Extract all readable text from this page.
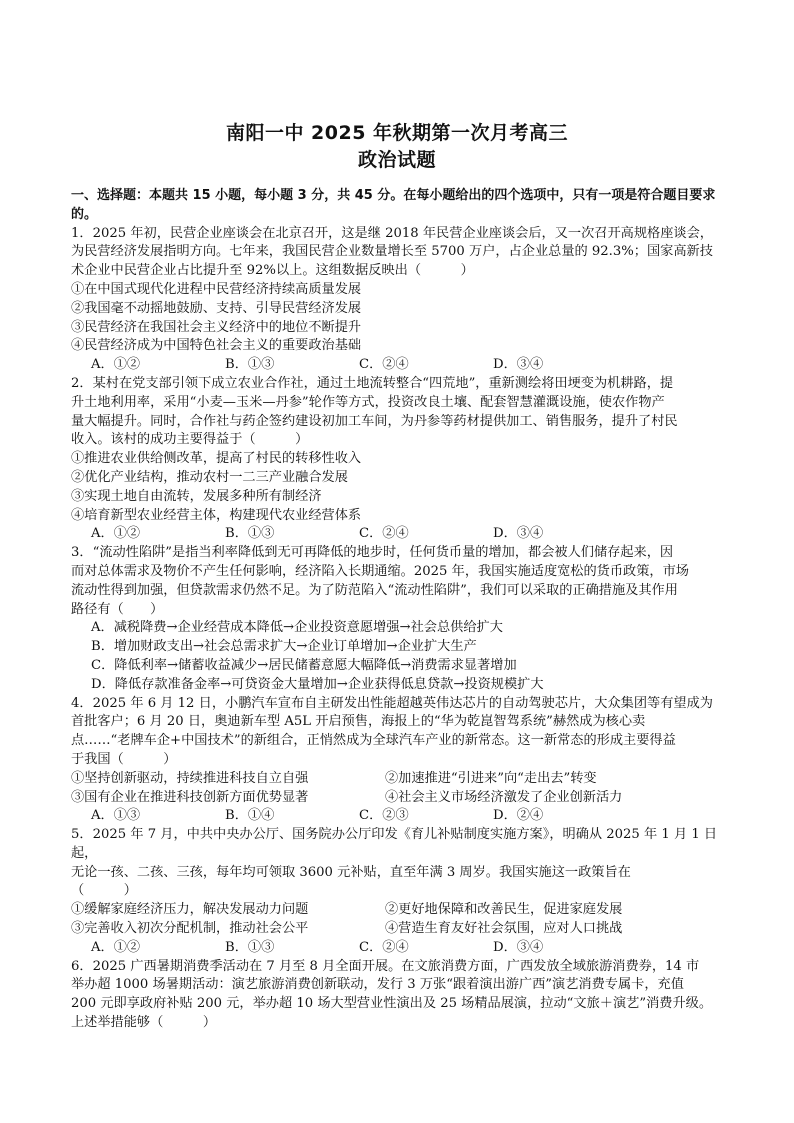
南阳一中 2025 年秋期第一次月考高三
政治试题

一、选择题：本题共 15 小题，每小题 3 分，共 45 分。在每小题给出的四个选项中，只有一项是符合题目要求的。

1．2025 年初，民营企业座谈会在北京召开，这是继 2018 年民营企业座谈会后，又一次召开高规格座谈会，

为民营经济发展指明方向。七年来，我国民营企业数量增长至 5700 万户，占企业总量的 92.3%；国家高新技

术企业中民营企业占比提升至 92%以上。这组数据反映出（　　　）

①在中国式现代化进程中民营经济持续高质量发展

②我国毫不动摇地鼓励、支持、引导民营经济发展

③民营经济在我国社会主义经济中的地位不断提升

④民营经济成为中国特色社会主义的重要政治基础

A．①②	B．①③	C．②④	D．③④

2．某村在党支部引领下成立农业合作社，通过土地流转整合“四荒地”，重新测绘将田埂变为机耕路，提

升土地利用率，采用“小麦—玉米—丹参”轮作等方式，投资改良土壤、配套智慧灌溉设施，使农作物产

量大幅提升。同时，合作社与药企签约建设初加工车间，为丹参等药材提供加工、销售服务，提升了村民

收入。该村的成功主要得益于（　　　）

①推进农业供给侧改革，提高了村民的转移性收入

②优化产业结构，推动农村一二三产业融合发展

③实现土地自由流转，发展多种所有制经济

④培育新型农业经营主体，构建现代农业经营体系

A．①②	B．①③	C．②④	D．③④

3．“流动性陷阱”是指当利率降低到无可再降低的地步时，任何货币量的增加，都会被人们储存起来，因

而对总体需求及物价不产生任何影响，经济陷入长期通缩。2025 年，我国实施适度宽松的货币政策，市场

流动性得到加强，但贷款需求仍然不足。为了防范陷入“流动性陷阱”，我们可以采取的正确措施及其作用

路径有（　　）

A．减税降费→企业经营成本降低→企业投资意愿增强→社会总供给扩大

B．增加财政支出→社会总需求扩大→企业订单增加→企业扩大生产

C．降低利率→储蓄收益减少→居民储蓄意愿大幅降低→消费需求显著增加

D．降低存款准备金率→可贷资金大量增加→企业获得低息贷款→投资规模扩大

4．2025 年 6 月 12 日，小鹏汽车宣布自主研发出性能超越英伟达芯片的自动驾驶芯片，大众集团等有望成为

首批客户；6 月 20 日，奥迪新车型 A5L 开启预售，海报上的“华为乾崑智驾系统”赫然成为核心卖

点……“老牌车企+中国技术”的新组合，正悄然成为全球汽车产业的新常态。这一新常态的形成主要得益

于我国（　　　）

①坚持创新驱动，持续推进科技自立自强	②加速推进“引进来”向“走出去”转变
③国有企业在推进科技创新方面优势显著	④社会主义市场经济激发了企业创新活力
A．①③	B．①④	C．②③	D．②④

5．2025 年 7 月，中共中央办公厅、国务院办公厅印发《育儿补贴制度实施方案》，明确从 2025 年 1 月 1 日起，

无论一孩、二孩、三孩，每年均可领取 3600 元补贴，直至年满 3 周岁。我国实施这一政策旨在

（　　　）

①缓解家庭经济压力，解决发展动力问题	②更好地保障和改善民生，促进家庭发展
③完善收入初次分配机制，推动社会公平	④营造生育友好社会氛围，应对人口挑战
A．①②	B．①③	C．②④	D．③④

6．2025 广西暑期消费季活动在 7 月至 8 月全面开展。在文旅消费方面，广西发放全域旅游消费券，14 市

举办超 1000 场暑期活动：演艺旅游消费创新联动，发行 3 万张“跟着演出游广西”演艺消费专属卡，充值

200 元即享政府补贴 200 元，举办超 10 场大型营业性演出及 25 场精品展演，拉动“文旅＋演艺”消费升级。

上述举措能够（　　　）
